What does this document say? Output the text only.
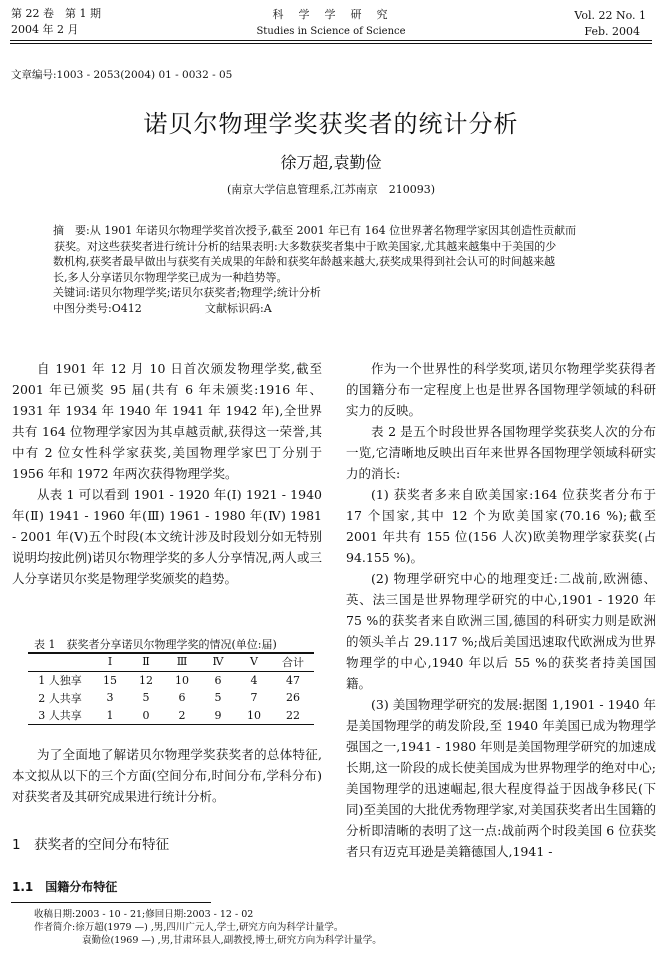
第 22 卷　第 1 期
2004 年 2 月
科　学　学　研　究
Studies in Science of Science
Vol. 22 No. 1
Feb. 2004
文章编号:1003 - 2053(2004) 01 - 0032 - 05
诺贝尔物理学奖获奖者的统计分析
徐万超,袁勤俭
(南京大学信息管理系,江苏南京　210093)
摘　要:从 1901 年诺贝尔物理学奖首次授予,截至 2001 年已有 164 位世界著名物理学家因其创造性贡献而
获奖。对这些获奖者进行统计分析的结果表明:大多数获奖者集中于欧美国家,尤其越来越集中于美国的少
数机构,获奖者最早做出与获奖有关成果的年龄和获奖年龄越来越大,获奖成果得到社会认可的时间越来越
长,多人分享诺贝尔物理学奖已成为一种趋势等。
关键词:诺贝尔物理学奖;诺贝尔获奖者;物理学;统计分析
中图分类号:O412	文献标识码:A

自 1901 年 12 月 10 日首次颁发物理学奖,截至 2001 年已颁奖 95 届(共有 6 年未颁奖:1916 年、1931 年 1934 年 1940 年 1941 年 1942 年),全世界共有 164 位物理学家因为其卓越贡献,获得这一荣誉,其中有 2 位女性科学家获奖,美国物理学家巴丁分别于 1956 年和 1972 年两次获得物理学奖。

从表 1 可以看到 1901 - 1920 年(Ⅰ) 1921 - 1940 年(Ⅱ) 1941 - 1960 年(Ⅲ) 1961 - 1980 年(Ⅳ) 1981 - 2001 年(Ⅴ)五个时段(本文统计涉及时段划分如无特别说明均按此例)诺贝尔物理学奖的多人分享情况,两人或三人分享诺贝尔奖是物理学奖颁奖的趋势。

表 1　获奖者分享诺贝尔物理学奖的情况(单位:届)
	Ⅰ	Ⅱ	Ⅲ	Ⅳ	Ⅴ	合计
1 人独享	15	12	10	6	4	47
2 人共享	3	5	6	5	7	26
3 人共享	1	0	2	9	10	22

为了全面地了解诺贝尔物理学奖获奖者的总体特征,本文拟从以下的三个方面(空间分布,时间分布,学科分布)对获奖者及其研究成果进行统计分析。

1　获奖者的空间分布特征
1.1　国籍分布特征

作为一个世界性的科学奖项,诺贝尔物理学奖获得者的国籍分布一定程度上也是世界各国物理学领域的科研实力的反映。

表 2 是五个时段世界各国物理学奖获奖人次的分布一览,它清晰地反映出百年来世界各国物理学领域科研实力的消长:

(1) 获奖者多来自欧美国家:164 位获奖者分布于 17 个国家,其中 12 个为欧美国家(70.16 %);截至 2001 年共有 155 位(156 人次)欧美物理学家获奖(占 94.155 %)。

(2) 物理学研究中心的地理变迁:二战前,欧洲德、英、法三国是世界物理学研究的中心,1901 - 1920 年 75 %的获奖者来自欧洲三国,德国的科研实力则是欧洲的领头羊占 29.117 %;战后美国迅速取代欧洲成为世界物理学的中心,1940 年以后 55 %的获奖者持美国国籍。

(3) 美国物理学研究的发展:据图 1,1901 - 1940 年是美国物理学的萌发阶段,至 1940 年美国已成为物理学强国之一,1941 - 1980 年则是美国物理学研究的加速成长期,这一阶段的成长使美国成为世界物理学的绝对中心;美国物理学的迅速崛起,很大程度得益于因战争移民(下同)至美国的大批优秀物理学家,对美国获奖者出生国籍的分析即清晰的表明了这一点:战前两个时段美国 6 位获奖者只有迈克耳逊是美籍德国人,1941 -

收稿日期:2003 - 10 - 21;修回日期:2003 - 12 - 02
作者简介:徐万超(1979 —) ,男,四川广元人,学士,研究方向为科学计量学。
袁勤俭(1969 —) ,男,甘肃环县人,副教授,博士,研究方向为科学计量学。
